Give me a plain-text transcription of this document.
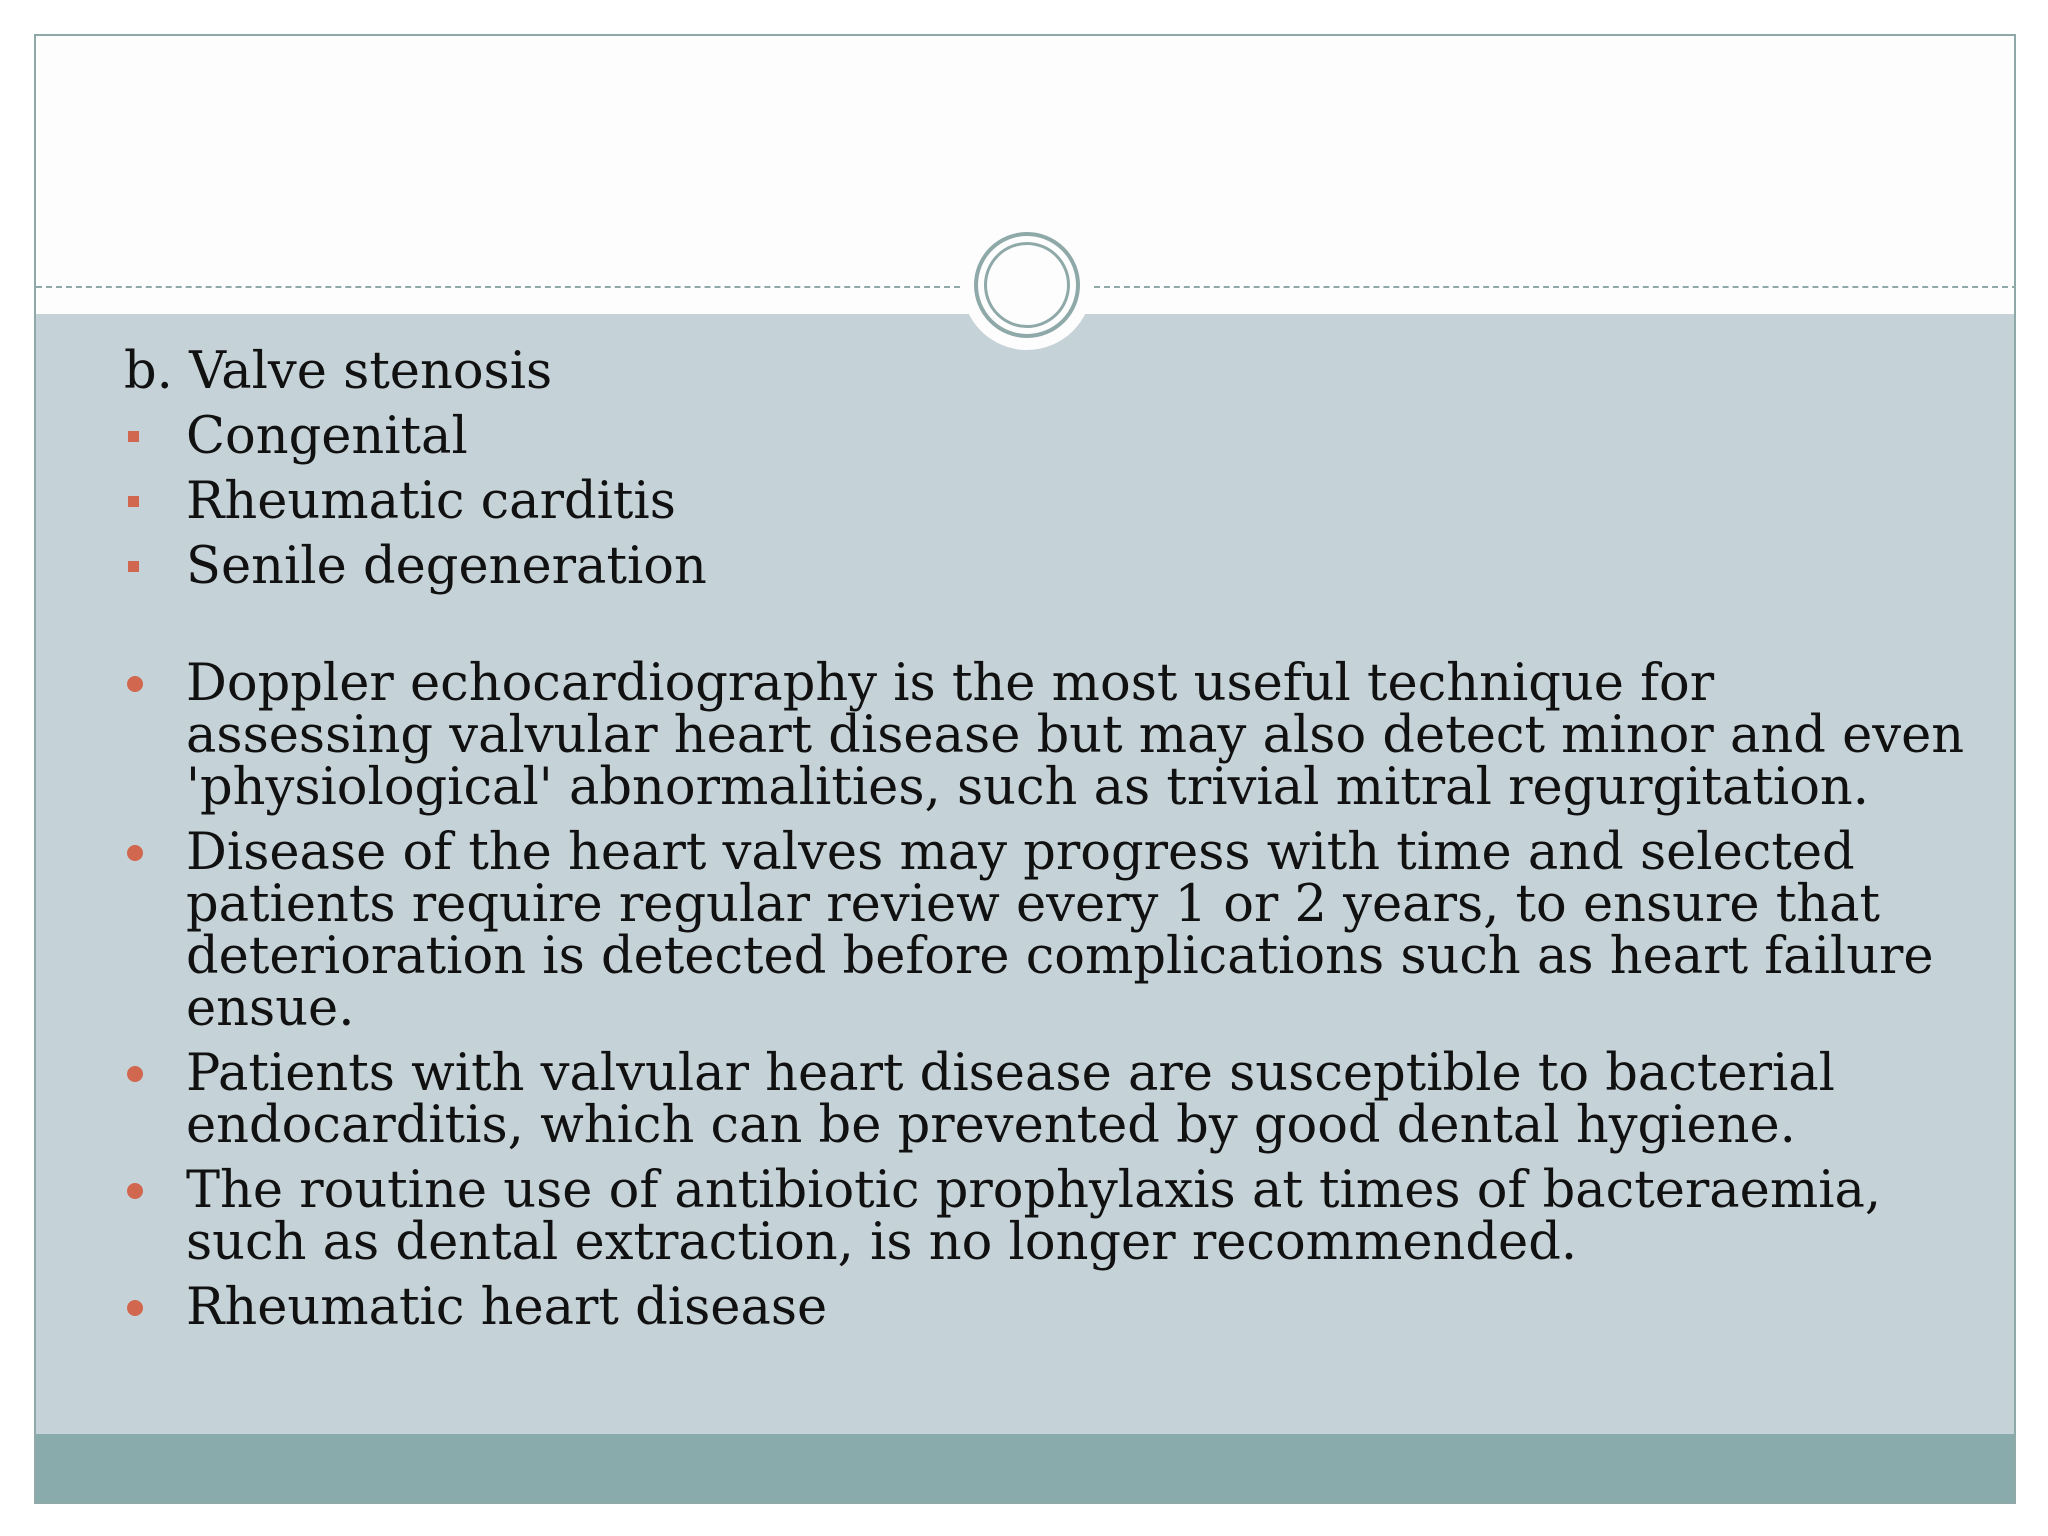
b. Valve stenosis
Congenital
Rheumatic carditis
Senile degeneration
Doppler echocardiography is the most useful technique for assessing valvular heart disease but may also detect minor and even 'physiological' abnormalities, such as trivial mitral regurgitation.
Disease of the heart valves may progress with time and selected patients require regular review every 1 or 2 years, to ensure that deterioration is detected before complications such as heart failure ensue.
Patients with valvular heart disease are susceptible to bacterial endocarditis, which can be prevented by good dental hygiene.
The routine use of antibiotic prophylaxis at times of bacteraemia, such as dental extraction, is no longer recommended.
Rheumatic heart disease
